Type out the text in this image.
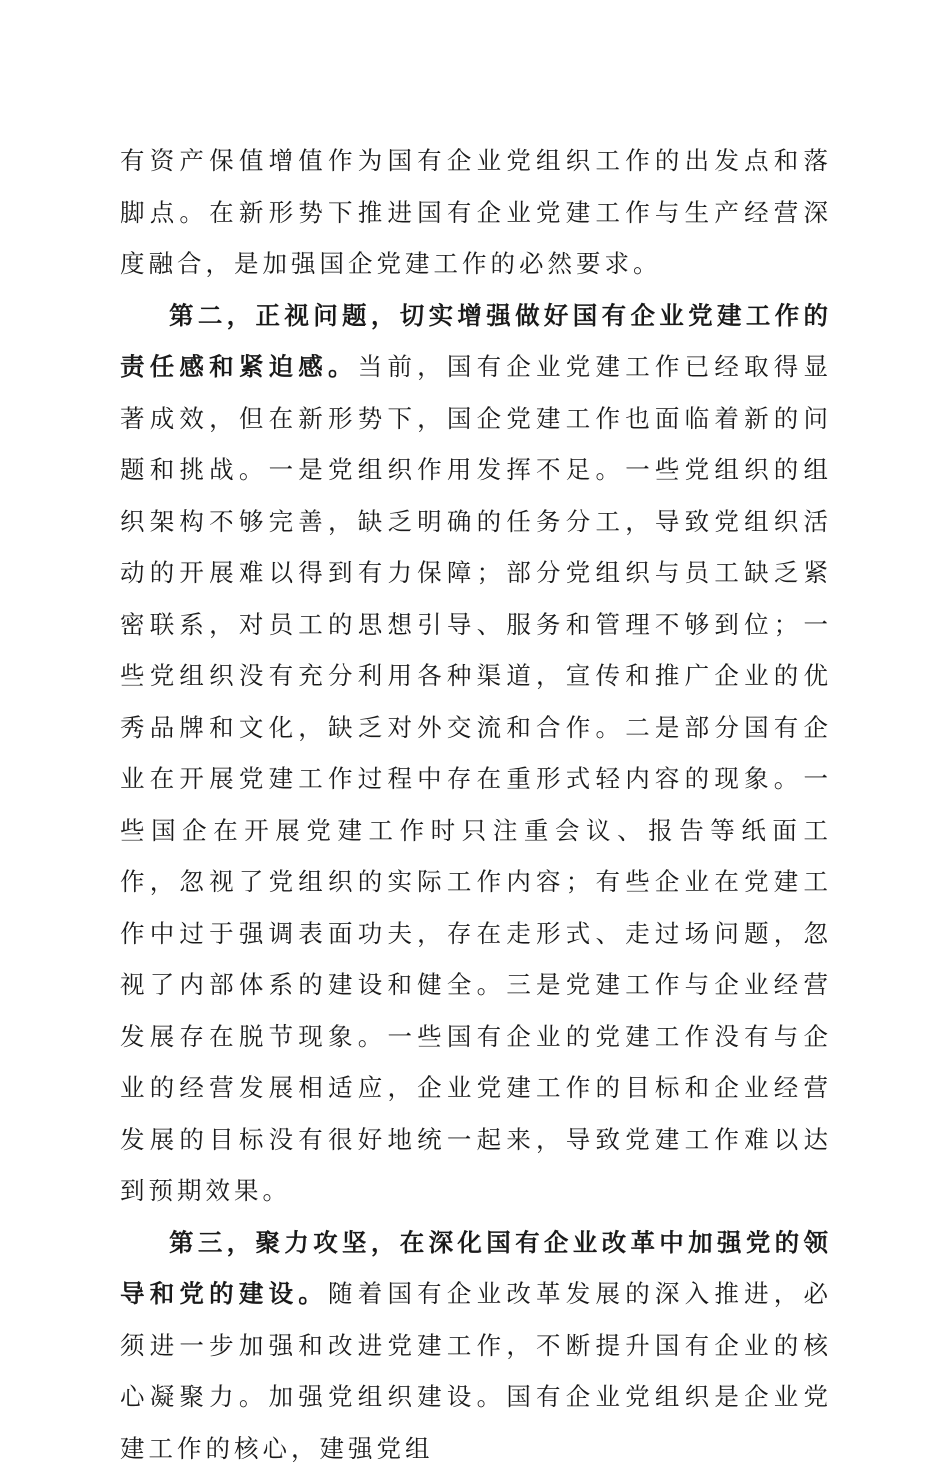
有资产保值增值作为国有企业党组织工作的出发点和落脚点。在新形势下推进国有企业党建工作与生产经营深度融合，是加强国企党建工作的必然要求。

第二，正视问题，切实增强做好国有企业党建工作的责任感和紧迫感。当前，国有企业党建工作已经取得显著成效，但在新形势下，国企党建工作也面临着新的问题和挑战。一是党组织作用发挥不足。一些党组织的组织架构不够完善，缺乏明确的任务分工，导致党组织活动的开展难以得到有力保障；部分党组织与员工缺乏紧密联系，对员工的思想引导、服务和管理不够到位；一些党组织没有充分利用各种渠道，宣传和推广企业的优秀品牌和文化，缺乏对外交流和合作。二是部分国有企业在开展党建工作过程中存在重形式轻内容的现象。一些国企在开展党建工作时只注重会议、报告等纸面工作，忽视了党组织的实际工作内容；有些企业在党建工作中过于强调表面功夫，存在走形式、走过场问题，忽视了内部体系的建设和健全。三是党建工作与企业经营发展存在脱节现象。一些国有企业的党建工作没有与企业的经营发展相适应，企业党建工作的目标和企业经营发展的目标没有很好地统一起来，导致党建工作难以达到预期效果。

第三，聚力攻坚，在深化国有企业改革中加强党的领导和党的建设。随着国有企业改革发展的深入推进，必须进一步加强和改进党建工作，不断提升国有企业的核心凝聚力。加强党组织建设。国有企业党组织是企业党建工作的核心，建强党组
